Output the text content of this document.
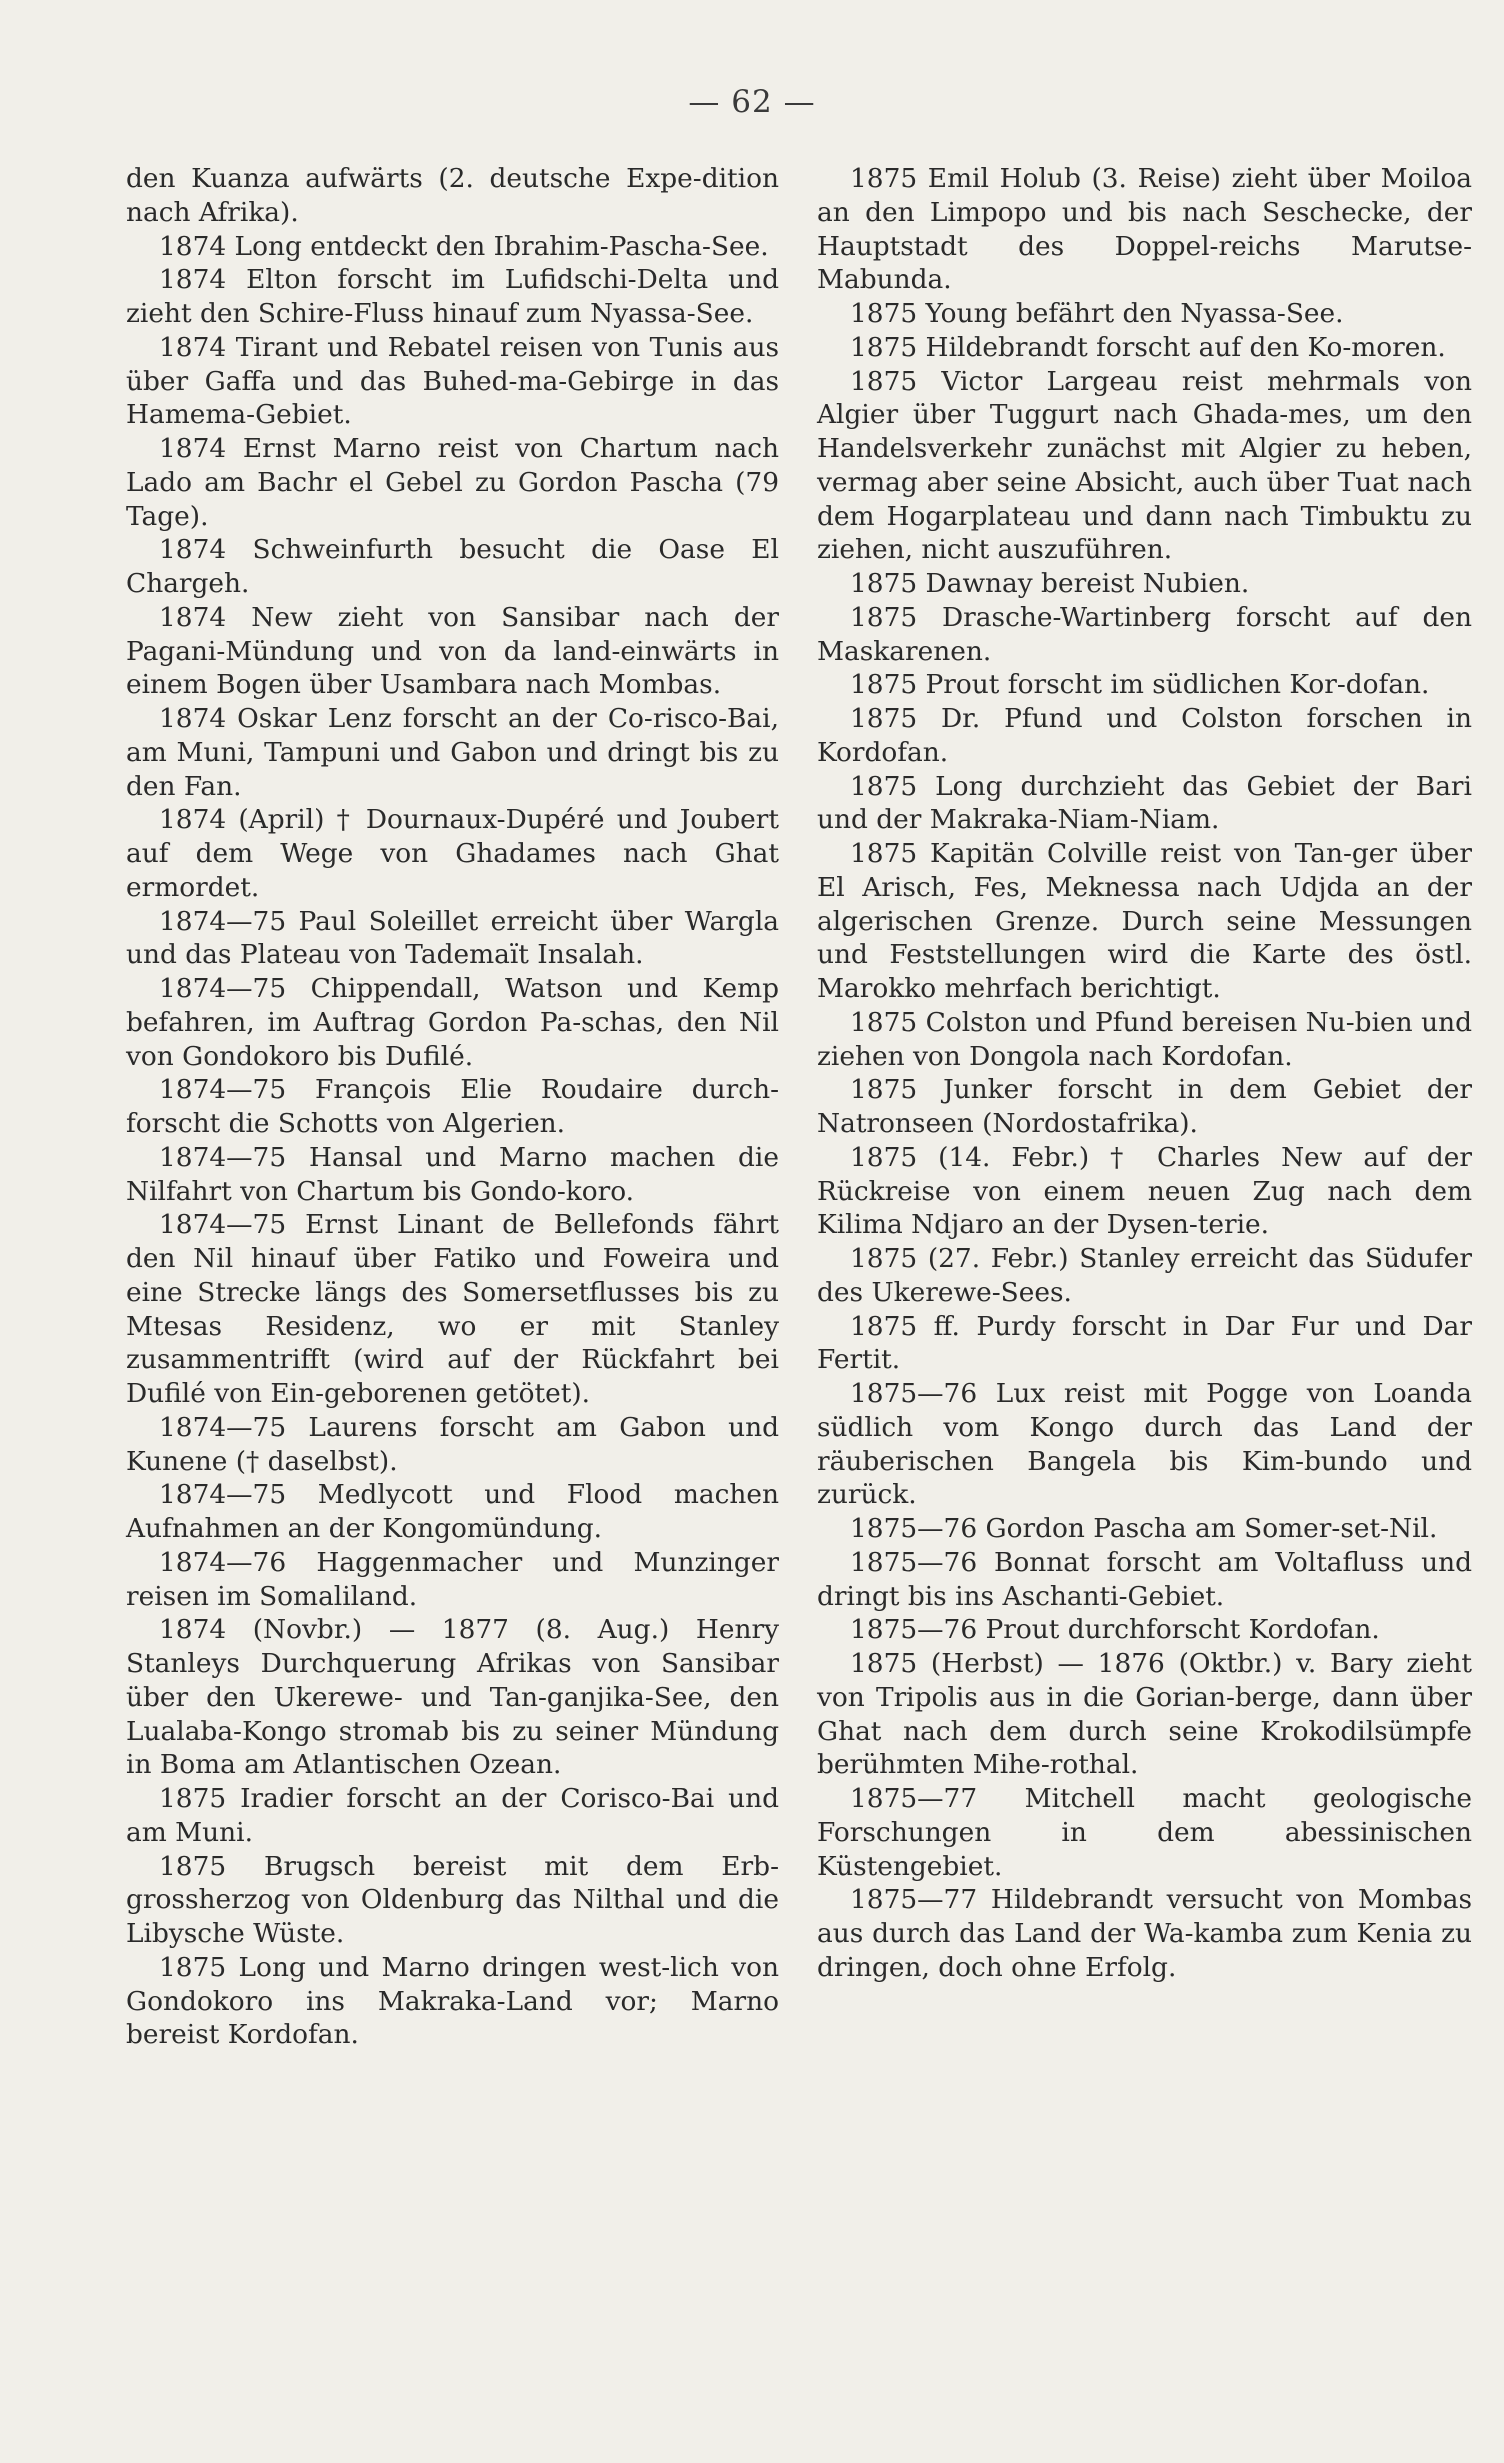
— 62 —

den Kuanza aufwärts (2. deutsche Expe-dition nach Afrika).

1874 Long entdeckt den Ibrahim-Pascha-See.

1874 Elton forscht im Lufidschi-Delta und zieht den Schire-Fluss hinauf zum Nyassa-See.

1874 Tirant und Rebatel reisen von Tunis aus über Gaffa und das Buhed-ma-Gebirge in das Hamema-Gebiet.

1874 Ernst Marno reist von Chartum nach Lado am Bachr el Gebel zu Gordon Pascha (79 Tage).

1874 Schweinfurth besucht die Oase El Chargeh.

1874 New zieht von Sansibar nach der Pagani-Mündung und von da land-einwärts in einem Bogen über Usambara nach Mombas.

1874 Oskar Lenz forscht an der Co-risco-Bai, am Muni, Tampuni und Gabon und dringt bis zu den Fan.

1874 (April) † Dournaux-Dupéré und Joubert auf dem Wege von Ghadames nach Ghat ermordet.

1874—75 Paul Soleillet erreicht über Wargla und das Plateau von Tademaït Insalah.

1874—75 Chippendall, Watson und Kemp befahren, im Auftrag Gordon Pa-schas, den Nil von Gondokoro bis Dufilé.

1874—75 François Elie Roudaire durch-forscht die Schotts von Algerien.

1874—75 Hansal und Marno machen die Nilfahrt von Chartum bis Gondo-koro.

1874—75 Ernst Linant de Bellefonds fährt den Nil hinauf über Fatiko und Foweira und eine Strecke längs des Somersetflusses bis zu Mtesas Residenz, wo er mit Stanley zusammentrifft (wird auf der Rückfahrt bei Dufilé von Ein-geborenen getötet).

1874—75 Laurens forscht am Gabon und Kunene († daselbst).

1874—75 Medlycott und Flood machen Aufnahmen an der Kongomündung.

1874—76 Haggenmacher und Munzinger reisen im Somaliland.

1874 (Novbr.) — 1877 (8. Aug.) Henry Stanleys Durchquerung Afrikas von Sansibar über den Ukerewe- und Tan-ganjika-See, den Lualaba-Kongo stromab bis zu seiner Mündung in Boma am Atlantischen Ozean.

1875 Iradier forscht an der Corisco-Bai und am Muni.

1875 Brugsch bereist mit dem Erb-grossherzog von Oldenburg das Nilthal und die Libysche Wüste.

1875 Long und Marno dringen west-lich von Gondokoro ins Makraka-Land vor; Marno bereist Kordofan.

1875 Emil Holub (3. Reise) zieht über Moiloa an den Limpopo und bis nach Seschecke, der Hauptstadt des Doppel-reichs Marutse-Mabunda.

1875 Young befährt den Nyassa-See.

1875 Hildebrandt forscht auf den Ko-moren.

1875 Victor Largeau reist mehrmals von Algier über Tuggurt nach Ghada-mes, um den Handelsverkehr zunächst mit Algier zu heben, vermag aber seine Absicht, auch über Tuat nach dem Hogarplateau und dann nach Timbuktu zu ziehen, nicht auszuführen.

1875 Dawnay bereist Nubien.

1875 Drasche-Wartinberg forscht auf den Maskarenen.

1875 Prout forscht im südlichen Kor-dofan.

1875 Dr. Pfund und Colston forschen in Kordofan.

1875 Long durchzieht das Gebiet der Bari und der Makraka-Niam-Niam.

1875 Kapitän Colville reist von Tan-ger über El Arisch, Fes, Meknessa nach Udjda an der algerischen Grenze. Durch seine Messungen und Feststellungen wird die Karte des östl. Marokko mehrfach berichtigt.

1875 Colston und Pfund bereisen Nu-bien und ziehen von Dongola nach Kordofan.

1875 Junker forscht in dem Gebiet der Natronseen (Nordostafrika).

1875 (14. Febr.) † Charles New auf der Rückreise von einem neuen Zug nach dem Kilima Ndjaro an der Dysen-terie.

1875 (27. Febr.) Stanley erreicht das Südufer des Ukerewe-Sees.

1875 ff. Purdy forscht in Dar Fur und Dar Fertit.

1875—76 Lux reist mit Pogge von Loanda südlich vom Kongo durch das Land der räuberischen Bangela bis Kim-bundo und zurück.

1875—76 Gordon Pascha am Somer-set-Nil.

1875—76 Bonnat forscht am Voltafluss und dringt bis ins Aschanti-Gebiet.

1875—76 Prout durchforscht Kordofan.

1875 (Herbst) — 1876 (Oktbr.) v. Bary zieht von Tripolis aus in die Gorian-berge, dann über Ghat nach dem durch seine Krokodilsümpfe berühmten Mihe-rothal.

1875—77 Mitchell macht geologische Forschungen in dem abessinischen Küstengebiet.

1875—77 Hildebrandt versucht von Mombas aus durch das Land der Wa-kamba zum Kenia zu dringen, doch ohne Erfolg.
